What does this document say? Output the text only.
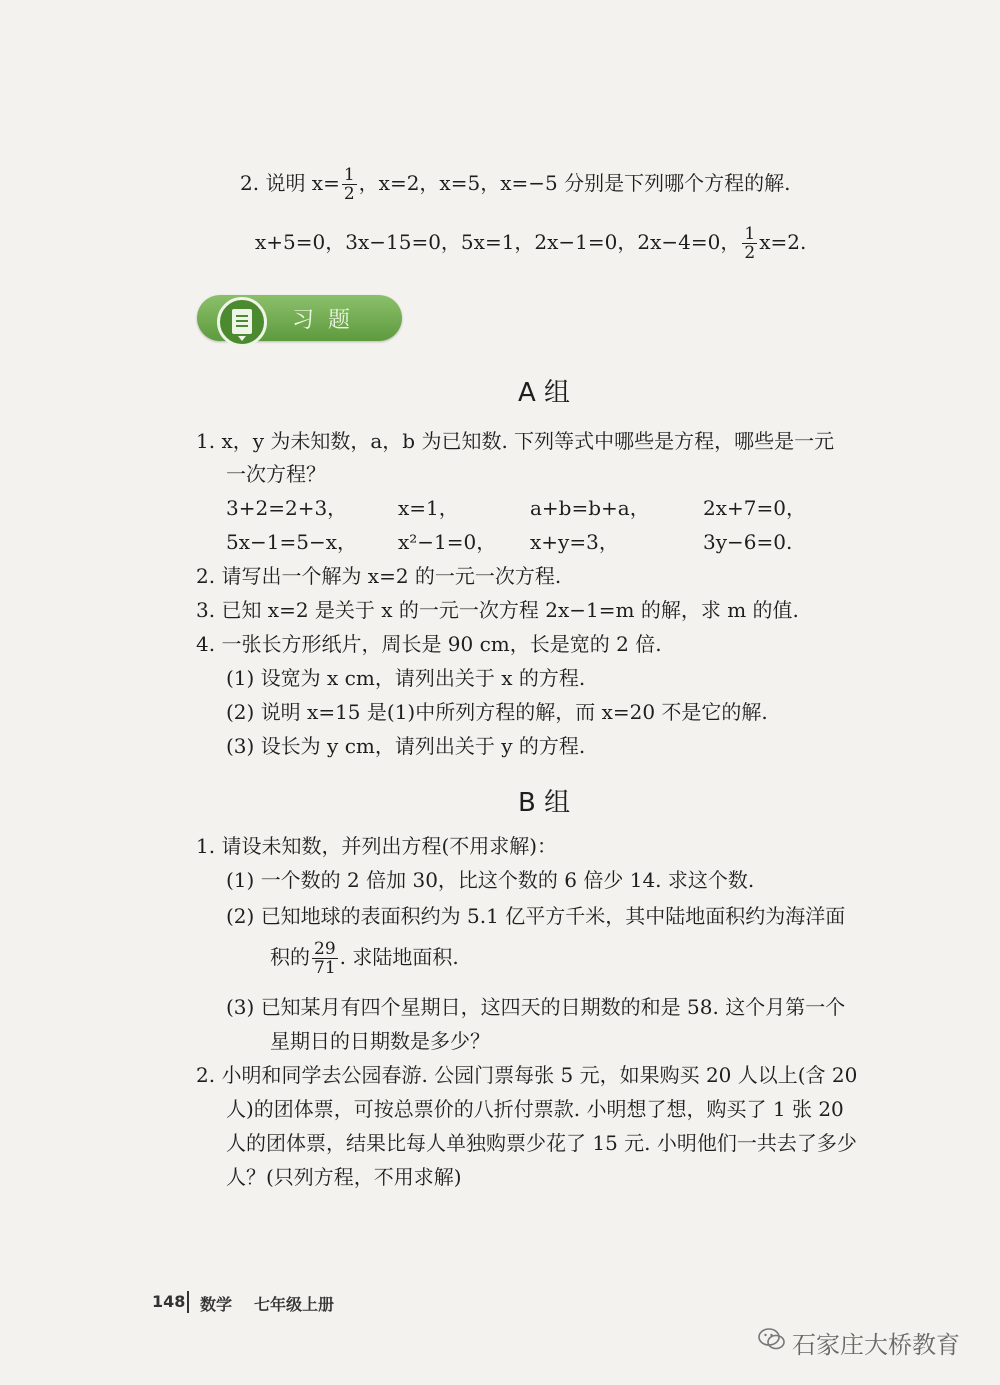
2. 说明 $x= \frac{1}{2}$ ，x=2，x=5，x=−5 分别是下列哪个方程的解.
x+5=0，3x−15=0，5x=1，2x−1=0，2x−4=0， $\frac{1}{2} x=2$.
习题
A 组
1. x，y 为未知数，a，b 为已知数. 下列等式中哪些是方程，哪些是一元
一次方程？
3+2=2+3，	x=1，	a+b=b+a，	2x+7=0，
5x−1=5−x， x²−1=0， x+y=3，	3y−6=0.
2. 请写出一个解为 x=2 的一元一次方程.
3. 已知 x=2 是关于 x 的一元一次方程 2x−1=m 的解，求 m 的值.
4. 一张长方形纸片，周长是 90 cm，长是宽的 2 倍.
(1) 设宽为 x cm，请列出关于 x 的方程.
(2) 说明 x=15 是(1)中所列方程的解，而 x=20 不是它的解.
(3) 设长为 y cm，请列出关于 y 的方程.
B 组
1. 请设未知数，并列出方程(不用求解)：
(1) 一个数的 2 倍加 30，比这个数的 6 倍少 14. 求这个数.
(2) 已知地球的表面积约为 5.1 亿平方千米，其中陆地面积约为海洋面
积的 $\frac{29}{71}$ . 求陆地面积.
(3) 已知某月有四个星期日，这四天的日期数的和是 58. 这个月第一个
星期日的日期数是多少？
2. 小明和同学去公园春游. 公园门票每张 5 元，如果购买 20 人以上(含 20
人)的团体票，可按总票价的八折付票款. 小明想了想，购买了 1 张 20
人的团体票，结果比每人单独购票少花了 15 元. 小明他们一共去了多少
人？(只列方程，不用求解)
148 数学 七年级上册
石家庄大桥教育
